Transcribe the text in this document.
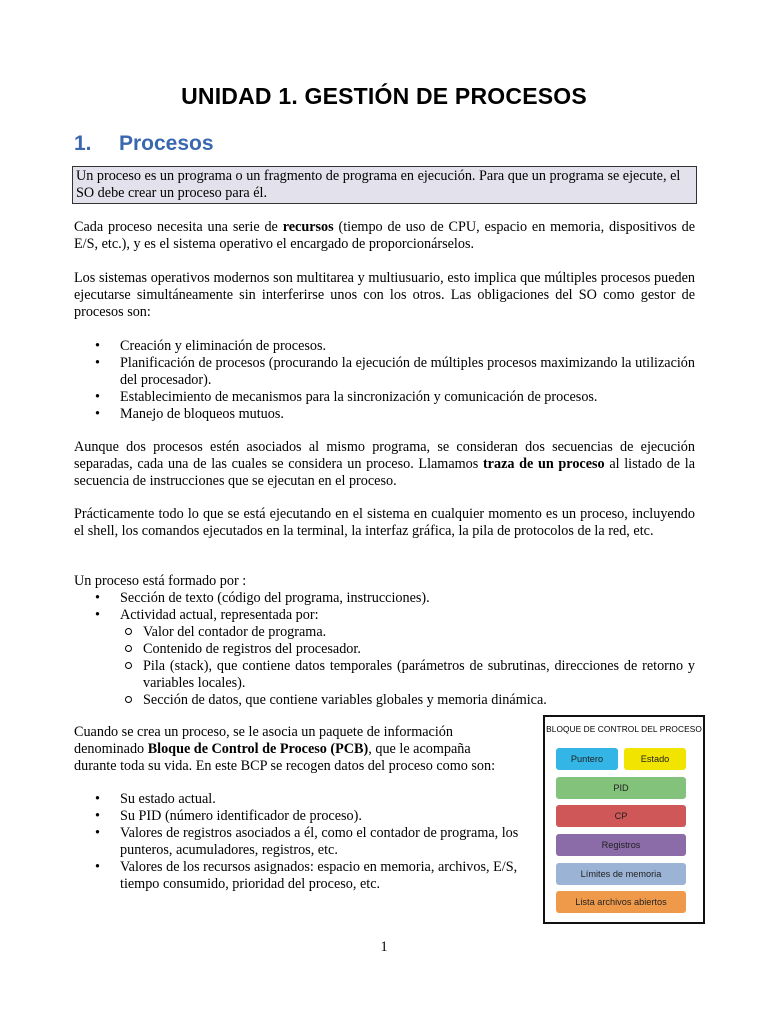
UNIDAD 1. GESTIÓN DE PROCESOS
1. Procesos
Un proceso es un programa o un fragmento de programa en ejecución. Para que un programa se ejecute, el SO debe crear un proceso para él.
Cada proceso necesita una serie de recursos (tiempo de uso de CPU, espacio en memoria, dispositivos de E/S, etc.), y es el sistema operativo el encargado de proporcionárselos.
Los sistemas operativos modernos son multitarea y multiusuario, esto implica que múltiples procesos pueden ejecutarse simultáneamente sin interferirse unos con los otros. Las obligaciones del SO como gestor de procesos son:
• Creación y eliminación de procesos.
• Planificación de procesos (procurando la ejecución de múltiples procesos maximizando la utilización del procesador).
• Establecimiento de mecanismos para la sincronización y comunicación de procesos.
• Manejo de bloqueos mutuos.
Aunque dos procesos estén asociados al mismo programa, se consideran dos secuencias de ejecución separadas, cada una de las cuales se considera un proceso. Llamamos traza de un proceso al listado de la secuencia de instrucciones que se ejecutan en el proceso.
Prácticamente todo lo que se está ejecutando en el sistema en cualquier momento es un proceso, incluyendo el shell, los comandos ejecutados en la terminal, la interfaz gráfica, la pila de protocolos de la red, etc.
Un proceso está formado por :
• Sección de texto (código del programa, instrucciones).
• Actividad actual, representada por:
Valor del contador de programa.
Contenido de registros del procesador.
Pila (stack), que contiene datos temporales (parámetros de subrutinas, direcciones de retorno y variables locales).
Sección de datos, que contiene variables globales y memoria dinámica.
Cuando se crea un proceso, se le asocia un paquete de información denominado Bloque de Control de Proceso (PCB), que le acompaña durante toda su vida. En este BCP se recogen datos del proceso como son:
• Su estado actual.
• Su PID (número identificador de proceso).
• Valores de registros asociados a él, como el contador de programa, los punteros, acumuladores, registros, etc.
• Valores de los recursos asignados: espacio en memoria, archivos, E/S, tiempo consumido, prioridad del proceso, etc.
BLOQUE DE CONTROL DEL PROCESO
Puntero	Estado
PID
CP
Registros
Límites de memoria
Lista archivos abiertos
1
